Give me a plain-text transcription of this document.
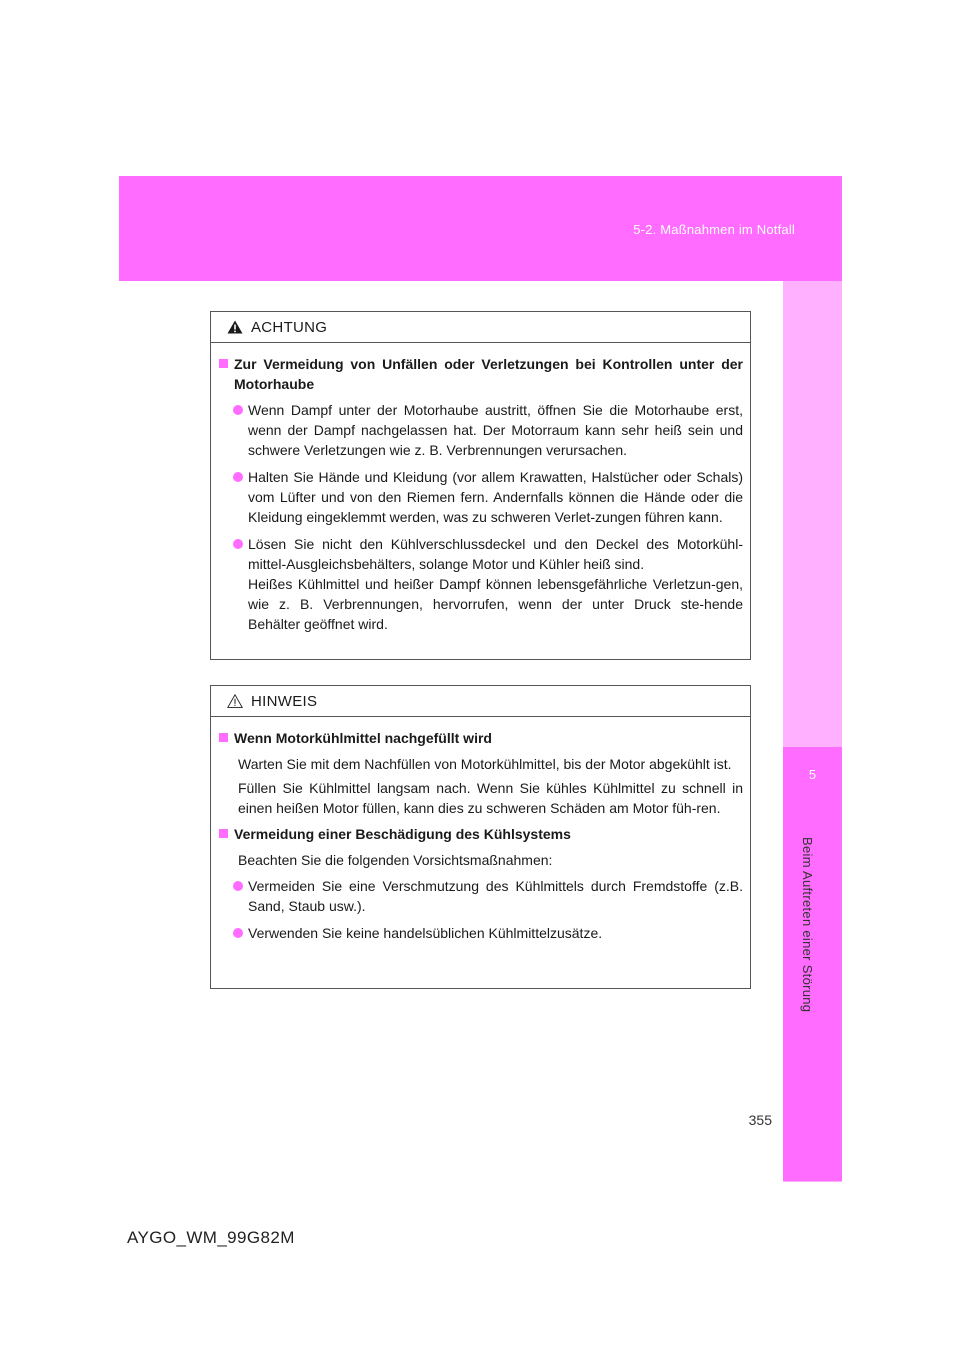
5-2. Maßnahmen im Notfall
5
Beim Auftreten einer Störung
ACHTUNG
Zur Vermeidung von Unfällen oder Verletzungen bei Kontrollen unter der Motorhaube
Wenn Dampf unter der Motorhaube austritt, öffnen Sie die Motorhaube erst, wenn der Dampf nachgelassen hat. Der Motorraum kann sehr heiß sein und schwere Verletzungen wie z. B. Verbrennungen verursachen.
Halten Sie Hände und Kleidung (vor allem Krawatten, Halstücher oder Schals) vom Lüfter und von den Riemen fern. Andernfalls können die Hände oder die Kleidung eingeklemmt werden, was zu schweren Verlet-zungen führen kann.
Lösen Sie nicht den Kühlverschlussdeckel und den Deckel des Motorkühl-mittel-Ausgleichsbehälters, solange Motor und Kühler heiß sind.
Heißes Kühlmittel und heißer Dampf können lebensgefährliche Verletzun-gen, wie z. B. Verbrennungen, hervorrufen, wenn der unter Druck ste-hende Behälter geöffnet wird.
HINWEIS
Wenn Motorkühlmittel nachgefüllt wird
Warten Sie mit dem Nachfüllen von Motorkühlmittel, bis der Motor abgekühlt ist.
Füllen Sie Kühlmittel langsam nach. Wenn Sie kühles Kühlmittel zu schnell in einen heißen Motor füllen, kann dies zu schweren Schäden am Motor füh-ren.
Vermeidung einer Beschädigung des Kühlsystems
Beachten Sie die folgenden Vorsichtsmaßnahmen:
Vermeiden Sie eine Verschmutzung des Kühlmittels durch Fremdstoffe (z.B. Sand, Staub usw.).
Verwenden Sie keine handelsüblichen Kühlmittelzusätze.
355
AYGO_WM_99G82M
